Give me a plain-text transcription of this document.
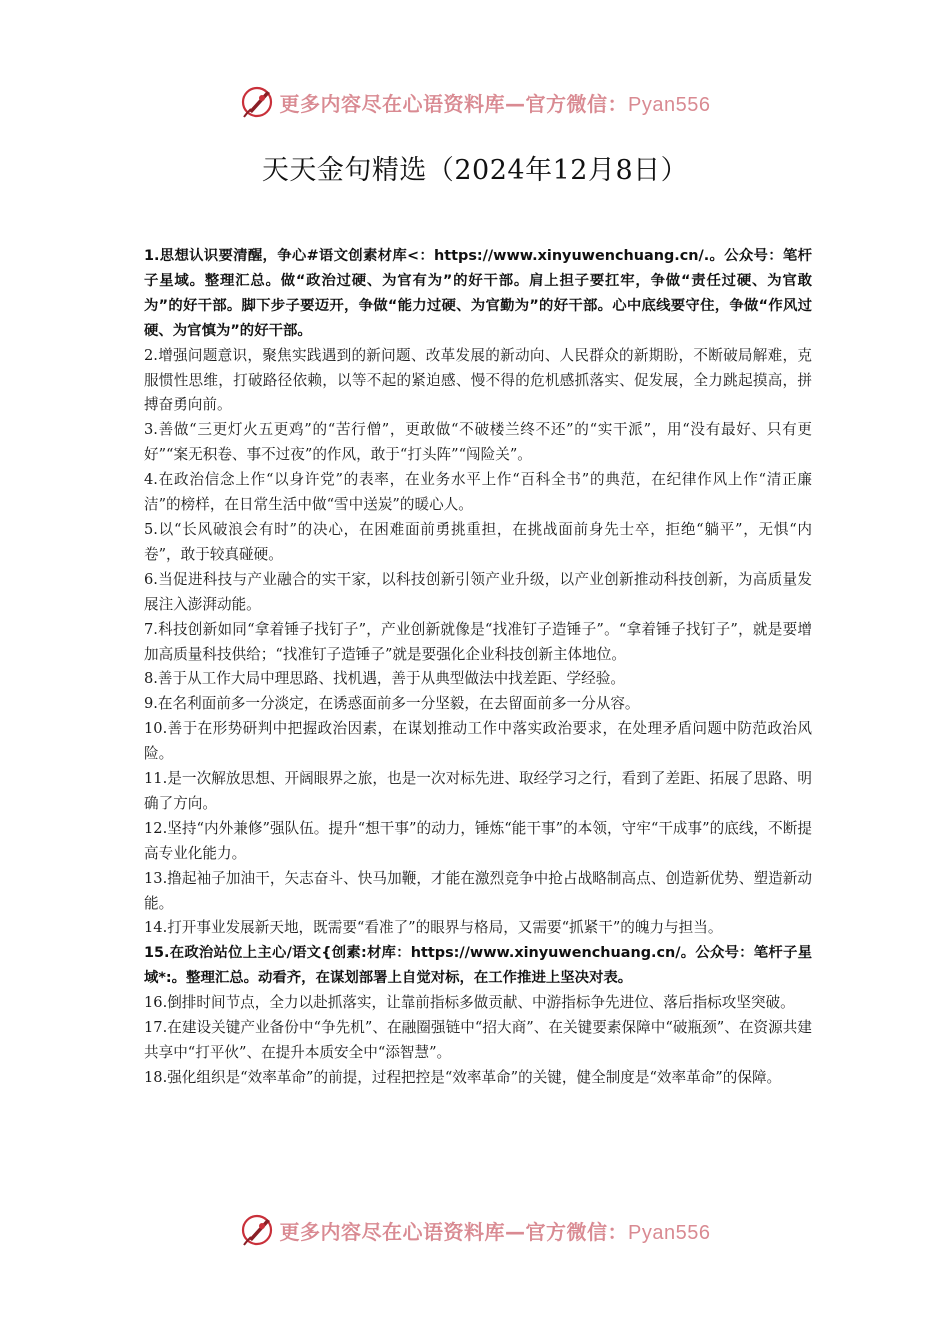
更多内容尽在心语资料库—官方微信：Pyan556
天天金句精选（2024年12月8日）

1.思想认识要清醒，争心#语文创素材库<：https://www.xinyuwenchuang.cn/.。公众号：笔杆子星域。整理汇总。做“政治过硬、为官有为”的好干部。肩上担子要扛牢，争做“责任过硬、为官敢为”的好干部。脚下步子要迈开，争做“能力过硬、为官勤为”的好干部。心中底线要守住，争做“作风过硬、为官慎为”的好干部。

2.增强问题意识，聚焦实践遇到的新问题、改革发展的新动向、人民群众的新期盼，不断破局解难，克服惯性思维，打破路径依赖，以等不起的紧迫感、慢不得的危机感抓落实、促发展，全力跳起摸高，拼搏奋勇向前。

3.善做“三更灯火五更鸡”的“苦行僧”，更敢做“不破楼兰终不还”的“实干派”，用“没有最好、只有更好”“案无积卷、事不过夜”的作风，敢于“打头阵”“闯险关”。

4.在政治信念上作“以身许党”的表率，在业务水平上作“百科全书”的典范，在纪律作风上作“清正廉洁”的榜样，在日常生活中做“雪中送炭”的暖心人。

5.以“长风破浪会有时”的决心，在困难面前勇挑重担，在挑战面前身先士卒，拒绝“躺平”，无惧“内卷”，敢于较真碰硬。

6.当促进科技与产业融合的实干家，以科技创新引领产业升级，以产业创新推动科技创新，为高质量发展注入澎湃动能。

7.科技创新如同“拿着锤子找钉子”，产业创新就像是“找准钉子造锤子”。“拿着锤子找钉子”，就是要增加高质量科技供给；“找准钉子造锤子”就是要强化企业科技创新主体地位。

8.善于从工作大局中理思路、找机遇，善于从典型做法中找差距、学经验。

9.在名利面前多一分淡定，在诱惑面前多一分坚毅，在去留面前多一分从容。

10.善于在形势研判中把握政治因素，在谋划推动工作中落实政治要求，在处理矛盾问题中防范政治风险。

11.是一次解放思想、开阔眼界之旅，也是一次对标先进、取经学习之行，看到了差距、拓展了思路、明确了方向。

12.坚持“内外兼修”强队伍。提升“想干事”的动力，锤炼“能干事”的本领，守牢“干成事”的底线，不断提高专业化能力。

13.撸起袖子加油干，矢志奋斗、快马加鞭，才能在激烈竞争中抢占战略制高点、创造新优势、塑造新动能。

14.打开事业发展新天地，既需要“看准了”的眼界与格局，又需要“抓紧干”的魄力与担当。

15.在政治站位上主心/语文{创素:材库：https://www.xinyuwenchuang.cn/。公众号：笔杆子星域*:。整理汇总。动看齐，在谋划部署上自觉对标，在工作推进上坚决对表。

16.倒排时间节点，全力以赴抓落实，让靠前指标多做贡献、中游指标争先进位、落后指标攻坚突破。

17.在建设关键产业备份中“争先机”、在融圈强链中“招大商”、在关键要素保障中“破瓶颈”、在资源共建共享中“打平伙”、在提升本质安全中“添智慧”。

18.强化组织是“效率革命”的前提，过程把控是“效率革命”的关键，健全制度是“效率革命”的保障。

更多内容尽在心语资料库—官方微信：Pyan556
